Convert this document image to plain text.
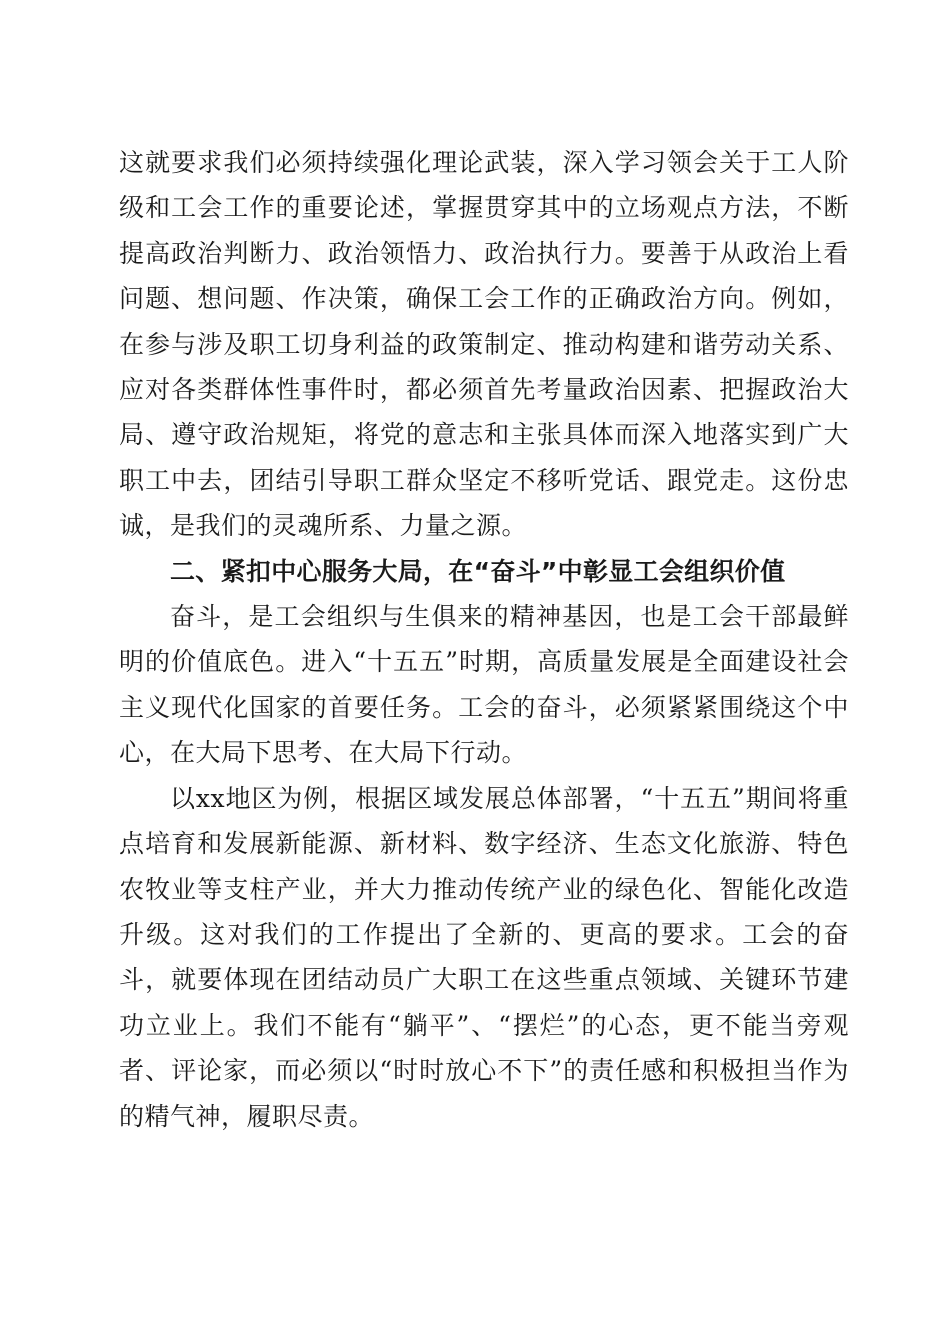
这就要求我们必须持续强化理论武装，深入学习领会关于工人阶级和工会工作的重要论述，掌握贯穿其中的立场观点方法，不断提高政治判断力、政治领悟力、政治执行力。要善于从政治上看问题、想问题、作决策，确保工会工作的正确政治方向。例如，在参与涉及职工切身利益的政策制定、推动构建和谐劳动关系、应对各类群体性事件时，都必须首先考量政治因素、把握政治大局、遵守政治规矩，将党的意志和主张具体而深入地落实到广大职工中去，团结引导职工群众坚定不移听党话、跟党走。这份忠诚，是我们的灵魂所系、力量之源。

二、紧扣中心服务大局，在“奋斗”中彰显工会组织价值

奋斗，是工会组织与生俱来的精神基因，也是工会干部最鲜明的价值底色。进入“十五五”时期，高质量发展是全面建设社会主义现代化国家的首要任务。工会的奋斗，必须紧紧围绕这个中心，在大局下思考、在大局下行动。

以xx地区为例，根据区域发展总体部署，“十五五”期间将重点培育和发展新能源、新材料、数字经济、生态文化旅游、特色农牧业等支柱产业，并大力推动传统产业的绿色化、智能化改造升级。这对我们的工作提出了全新的、更高的要求。工会的奋斗，就要体现在团结动员广大职工在这些重点领域、关键环节建功立业上。我们不能有“躺平”、“摆烂”的心态，更不能当旁观者、评论家，而必须以“时时放心不下”的责任感和积极担当作为的精气神，履职尽责。
